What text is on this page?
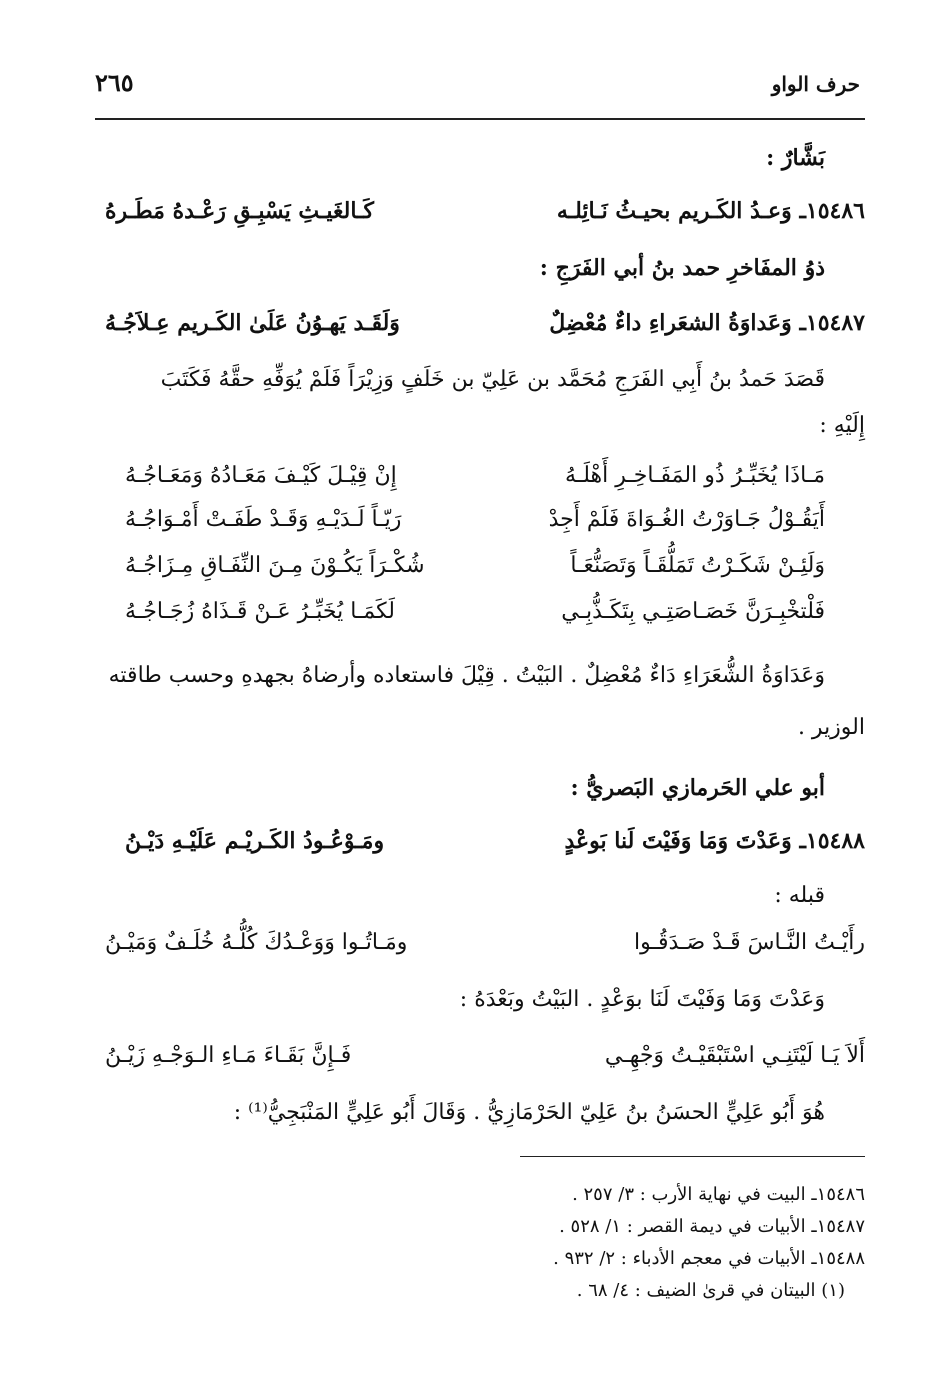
حرف الواو
٢٦٥
بَشَّارٌ :
١٥٤٨٦ـ وَعـدُ الكَـريم بحيـثُ نَـائِلـه
كَـالغَيـثِ يَسْبِـقِ رَعْـدهُ مَطَـرهُ
ذوُ المفَاخرِ حمد بنُ أبي الفَرَجِ :
١٥٤٨٧ـ وَعَداوَةُ الشعَراءِ داءٌ مُعْضِلٌ
وَلَقَـد يَهـوُنُ عَلَىٰ الكَـريم عِـلاَجُـهُ
قَصَدَ حَمدُ بنُ أَبِي الفَرَجِ مُحَمَّد بن عَلِيّ بن خَلَفٍ وَزِيْرَاً فَلَمْ يُوَفِّهِ حقَّهُ فَكَتَبَ
إِلَيْهِ :
مَـاذَا يُخَبِّـرُ ذُو المَفَـاخِـرِ أَهْلَـهُ
إِنْ قِيْـلَ كَيْـفَ مَعَـادُهُ وَمَعَـاجُـهُ
أَيَقُـوْلُ جَـاوَرْتُ الغُـوَاةَ فَلَمْ أَجِدْ
رَيّـاً لَـدَيْـهِ وَقَـدْ طَفَـتْ أَمْـوَاجُـهُ
وَلَئِـنْ شَكَـرْتُ تَمَلُّقَـاً وَتَصَنُّعَـاً
شُكْـرَاً يَكُـوْنَ مِـنَ النِّفَـاقِ مِـزَاجُـهُ
فَلْتخْبِـرَنَّ خَصَـاصَتِـي بِتَكَـذُّبِـي
لَكَمَـا يُخَبِّـرُ عَـنْ قَـذَاهُ زُجَـاجُـهُ
وَعَدَاوَةُ الشُّعَرَاءِ دَاءٌ مُعْضِلٌ . البَيْتُ . قِيْلَ فاستعاده وأرضاهُ بجهدهِ وحسب طاقته
الوزير .
أبو علي الحَرمازي البَصريُّ :
١٥٤٨٨ـ وَعَدْتَ وَمَا وَفَيْتَ لَنا بَوعْدٍ
ومَـوْعُـودُ الكَـريْـم عَلَيْـهِ دَيْـنُ
قبله :
رأَيْـتُ النَّـاسَ قَـدْ صَـدَقُـوا
ومَـاتُـوا وَوَعْـدُكَ كُلُّـهُ خُلَـفٌ وَمَيْـنُ
وَعَدْتَ وَمَا وَفَيْتَ لَنَا بوَعْدٍ . البَيْتُ وبَعْدَهُ :
أَلاَ يَـا لَيْتَنِـي اسْتَبْقَيْـتُ وَجْهِـي
فَـإِنَّ بَقَـاءَ مَـاءِ الـوَجْـهِ زَيْـنُ
هُوَ أَبُو عَلِيٍّ الحسَنُ بنُ عَلِيّ الحَرْمَازِيُّ . وَقَالَ أَبُو عَلِيٍّ المَنْبَجِيُّ⁽¹⁾ :
١٥٤٨٦ـ البيت في نهاية الأرب : ٣/ ٢٥٧ .
١٥٤٨٧ـ الأبيات في ديمة القصر : ١/ ٥٢٨ .
١٥٤٨٨ـ الأبيات في معجم الأدباء : ٢/ ٩٣٢ .
(١) البيتان في قرىٰ الضيف : ٤/ ٦٨ .
